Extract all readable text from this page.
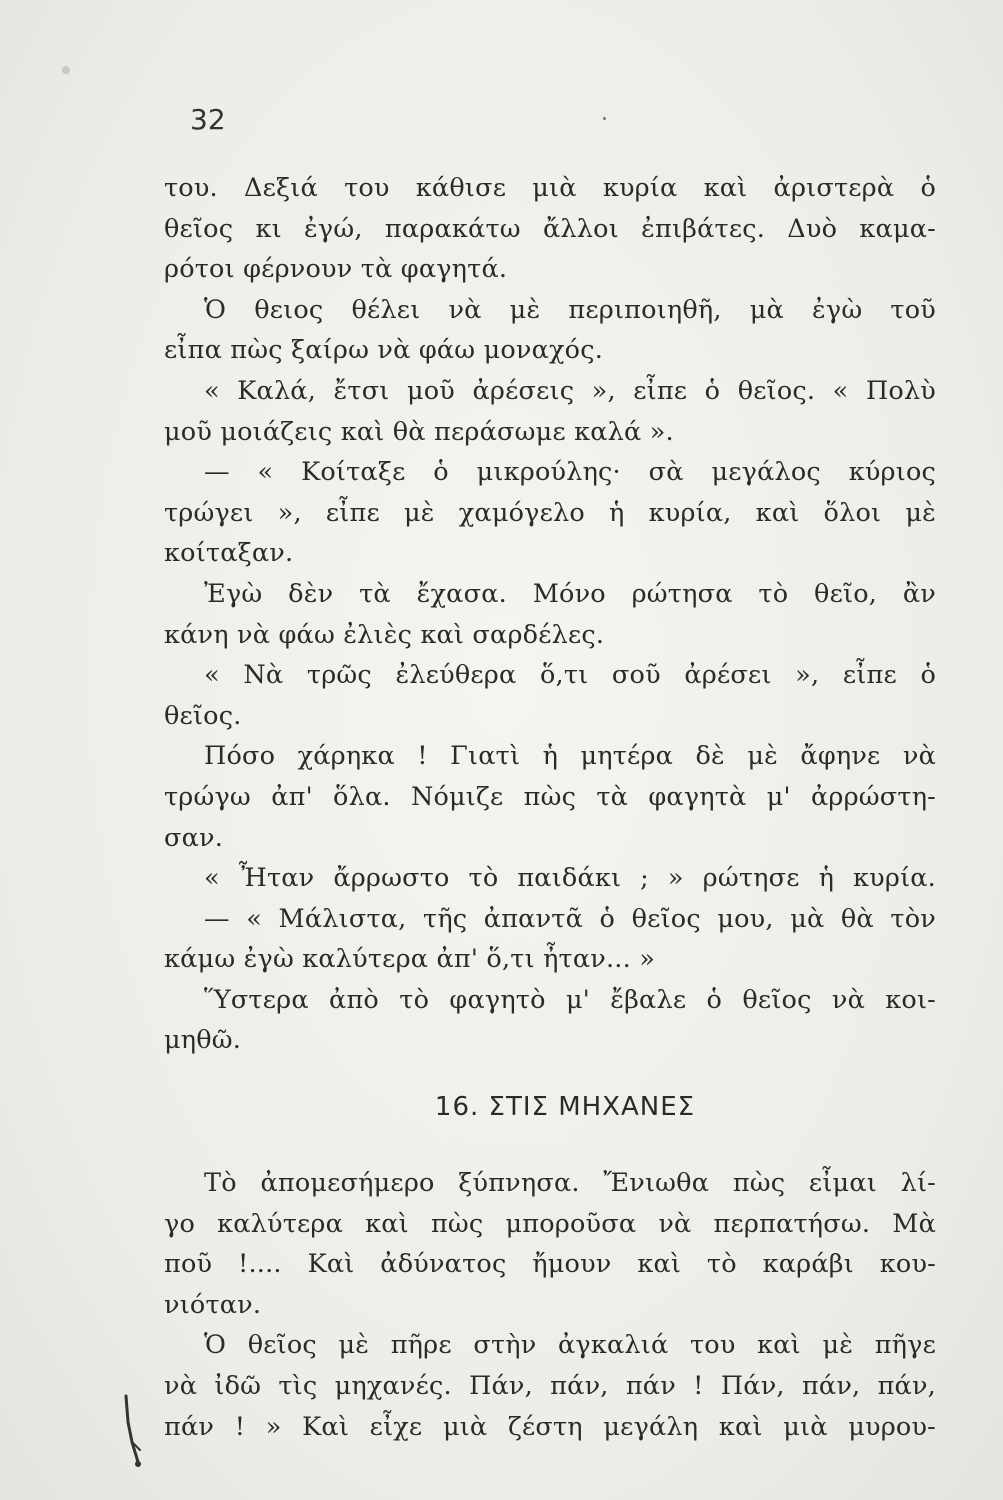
32
του. Δεξιά του κάθισε μιὰ κυρία καὶ ἀριστερὰ ὁ
θεῖος κι ἐγώ, παρακάτω ἄλλοι ἐπιβάτες. Δυὸ καμα-
ρότοι φέρνουν τὰ φαγητά.
Ὁ θειος θέλει νὰ μὲ περιποιηθῆ, μὰ ἐγὼ τοῦ
εἶπα πὼς ξαίρω νὰ φάω μοναχός.
« Καλά, ἔτσι μοῦ ἀρέσεις », εἶπε ὁ θεῖος. « Πολὺ
μοῦ μοιάζεις καὶ θὰ περάσωμε καλά ».
— « Κοίταξε ὁ μικρούλης· σὰ μεγάλος κύριος
τρώγει », εἶπε μὲ χαμόγελο ἡ κυρία, καὶ ὅλοι μὲ
κοίταξαν.
Ἐγὼ δὲν τὰ ἔχασα. Μόνο ρώτησα τὸ θεῖο, ἂν
κάνη νὰ φάω ἐλιὲς καὶ σαρδέλες.
« Νὰ τρῶς ἐλεύθερα ὅ,τι σοῦ ἀρέσει », εἶπε ὁ
θεῖος.
Πόσο χάρηκα ! Γιατὶ ἡ μητέρα δὲ μὲ ἄφηνε νὰ
τρώγω ἀπ' ὅλα. Νόμιζε πὼς τὰ φαγητὰ μ' ἀρρώστη-
σαν.
« Ἦταν ἄρρωστο τὸ παιδάκι ; » ρώτησε ἡ κυρία.
— « Μάλιστα, τῆς ἀπαντᾶ ὁ θεῖος μου, μὰ θὰ τὸν
κάμω ἐγὼ καλύτερα ἀπ' ὅ,τι ἦταν... »
Ὕστερα ἀπὸ τὸ φαγητὸ μ' ἔβαλε ὁ θεῖος νὰ κοι-
μηθῶ.
16. ΣΤΙΣ ΜΗΧΑΝΕΣ
Τὸ ἀπομεσήμερο ξύπνησα. Ἔνιωθα πὼς εἶμαι λί-
γο καλύτερα καὶ πὼς μποροῦσα νὰ περπατήσω. Μὰ
ποῦ !.... Καὶ ἀδύνατος ἤμουν καὶ τὸ καράβι κου-
νιόταν.
Ὁ θεῖος μὲ πῆρε στὴν ἀγκαλιά του καὶ μὲ πῆγε
νὰ ἰδῶ τὶς μηχανές. Πάν, πάν, πάν ! Πάν, πάν, πάν,
πάν ! » Καὶ εἶχε μιὰ ζέστη μεγάλη καὶ μιὰ μυρου-
